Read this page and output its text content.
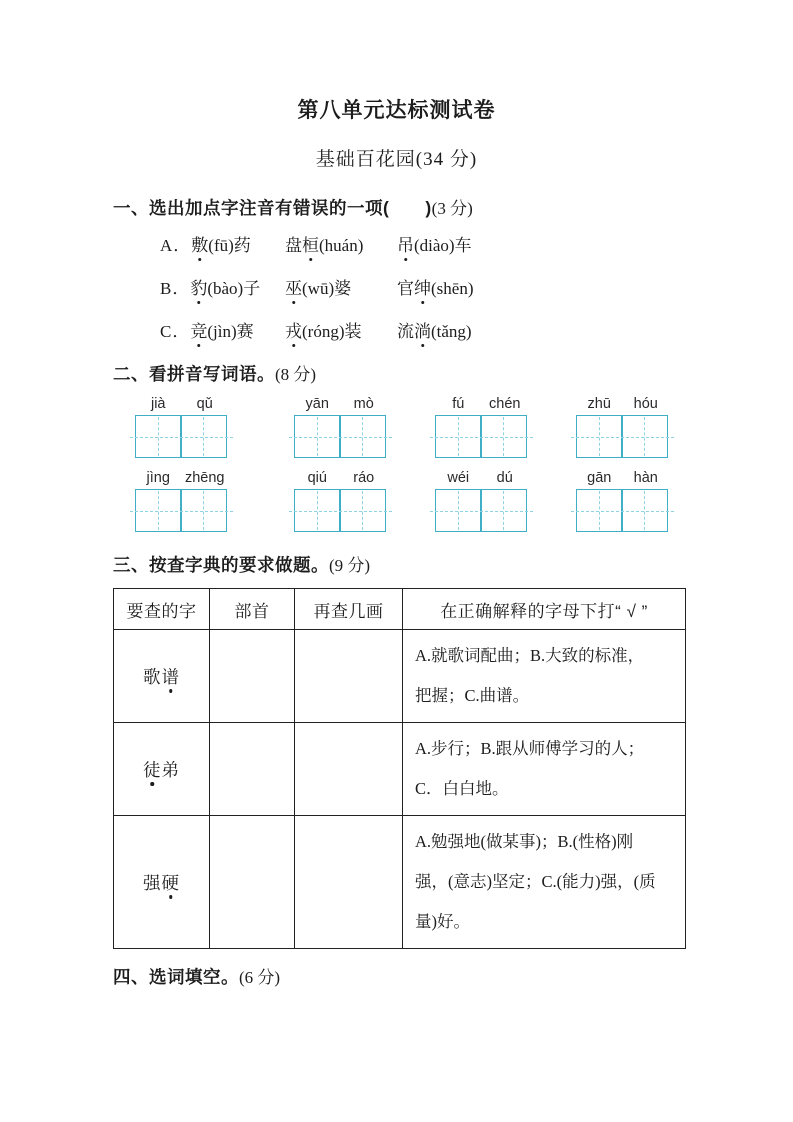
第八单元达标测试卷
基础百花园(34 分)
一、选出加点字注音有错误的一项(　　)(3 分)
A．敷(fū)药	盘桓(huán)	吊(diào)车
B．豹(bào)子	巫(wū)婆	官绅(shēn)
C．竞(jìn)赛	戎(róng)装	流淌(tǎng)
二、看拼音写词语。(8 分)
jià	qǔ	yān	mò	fú	chén	zhū	hóu
jìng	zhēng	qiú	ráo	wéi	dú	gān	hàn
三、按查字典的要求做题。(9 分)
要查的字	部首	再查几画	在正确解释的字母下打“ √ ”
歌谱			A.就歌词配曲；B.大致的标准，
把握；C.曲谱。

徒弟			A.步行；B.跟从师傅学习的人；
C．白白地。

强硬			A.勉强地(做某事)；B.(性格)刚
强，(意志)坚定；C.(能力)强，(质
量)好。
四、选词填空。(6 分)
